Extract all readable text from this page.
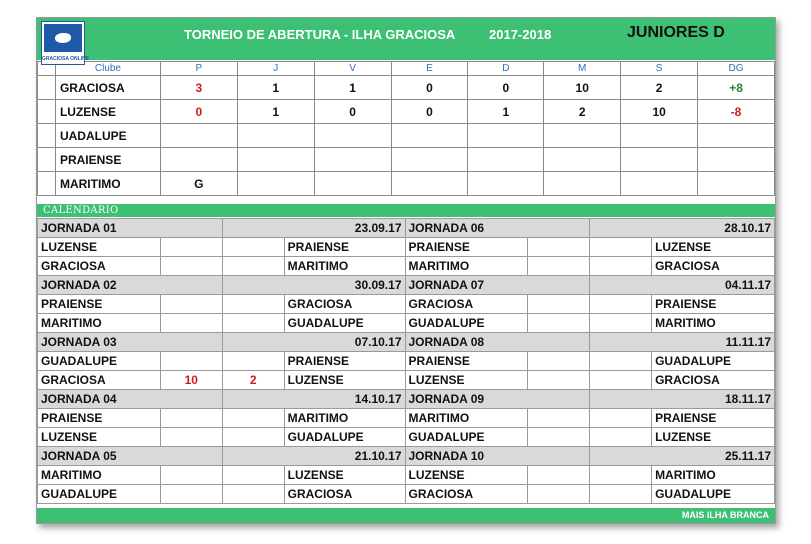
GRACIOSA ONLINE
TORNEIO DE ABERTURA - ILHA GRACIOSA	2017-2018	JUNIORES D
	Clube	P	J	V	E	D	M	S	DG
	GRACIOSA	3	1	1	0	0	10	2	+8
	LUZENSE	0	1	0	0	1	2	10	-8
	UADALUPE								
	PRAIENSE								
	MARITIMO	G							
CALENDÁRIO
JORNADA 01		23.09.17		JORNADA 06		28.10.17	
LUZENSE			PRAIENSE	PRAIENSE			LUZENSE
GRACIOSA			MARITIMO	MARITIMO			GRACIOSA
JORNADA 02		30.09.17		JORNADA 07		04.11.17	
PRAIENSE			GRACIOSA	GRACIOSA			PRAIENSE
MARITIMO			GUADALUPE	GUADALUPE			MARITIMO
JORNADA 03		07.10.17		JORNADA 08		11.11.17	
GUADALUPE			PRAIENSE	PRAIENSE			GUADALUPE
GRACIOSA	10	2	LUZENSE	LUZENSE			GRACIOSA
JORNADA 04		14.10.17		JORNADA 09		18.11.17	
PRAIENSE			MARITIMO	MARITIMO			PRAIENSE
LUZENSE			GUADALUPE	GUADALUPE			LUZENSE
JORNADA 05		21.10.17		JORNADA 10		25.11.17	
MARITIMO			LUZENSE	LUZENSE			MARITIMO
GUADALUPE			GRACIOSA	GRACIOSA			GUADALUPE
MAIS ILHA BRANCA
